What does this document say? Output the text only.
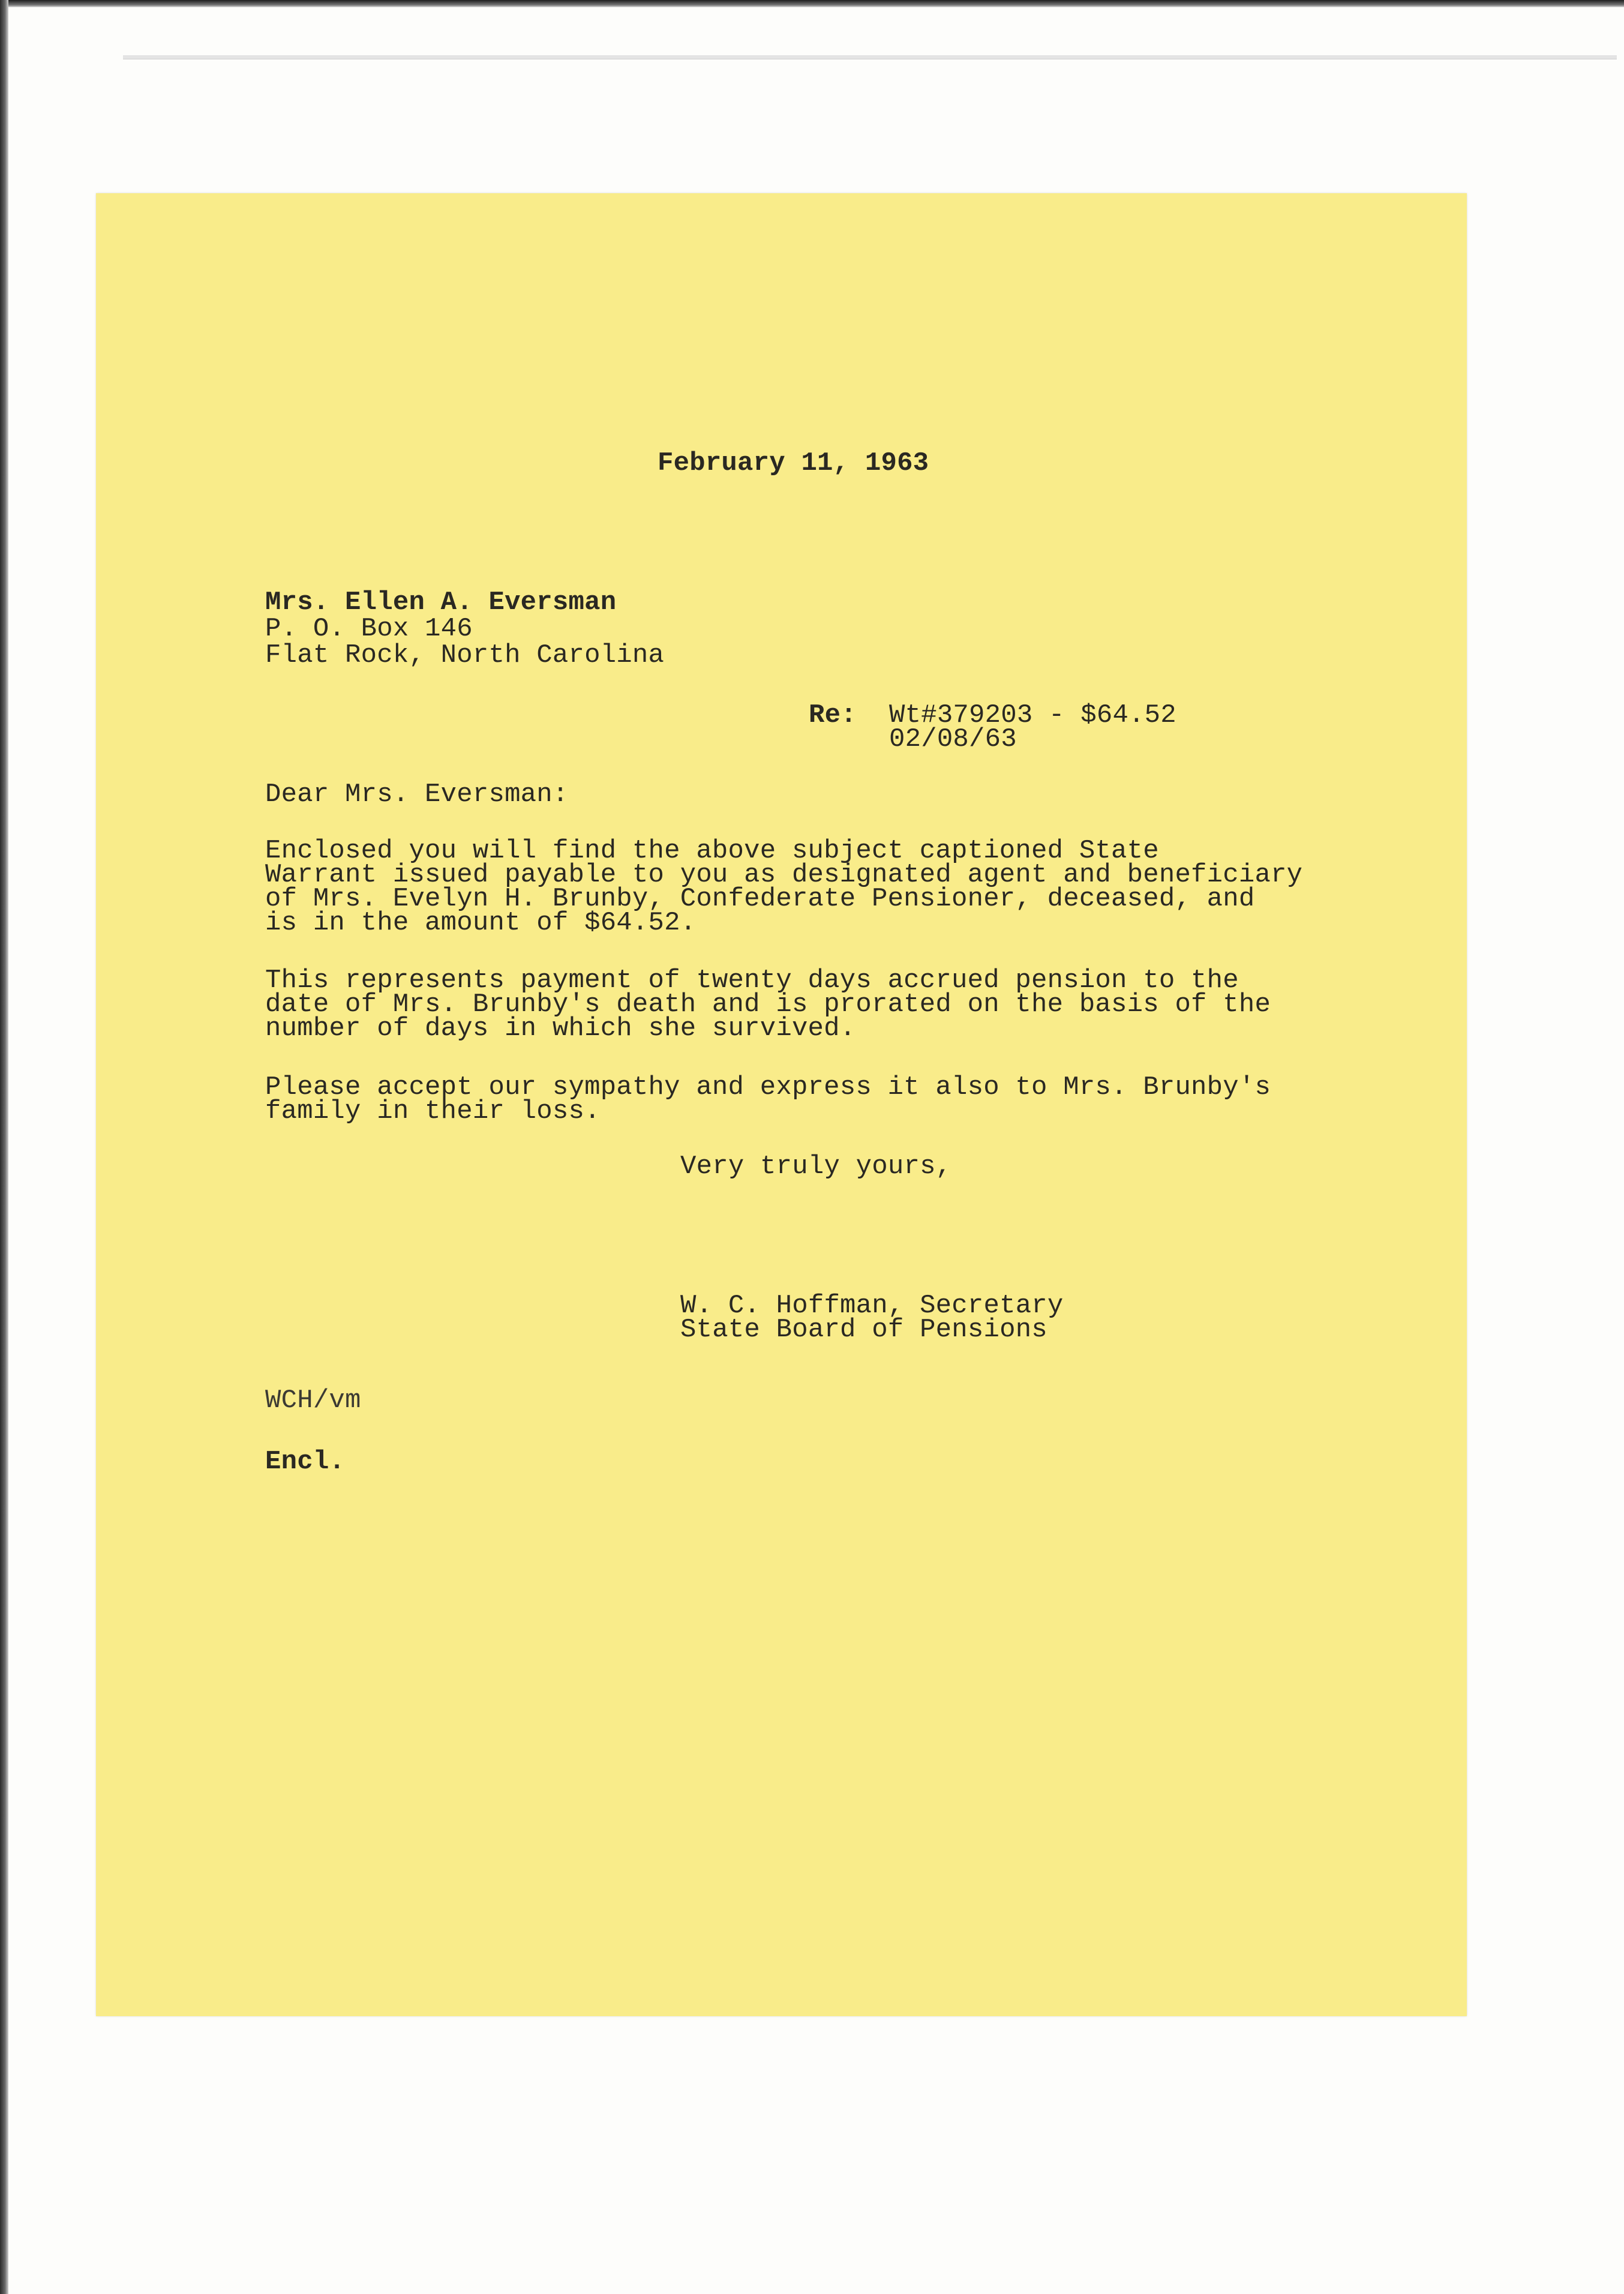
February 11, 1963

Mrs. Ellen A. Eversman

P. O. Box 146

Flat Rock, North Carolina

Re: Wt#379203 - $64.52

02/08/63

Dear Mrs. Eversman:

Enclosed you will find the above subject captioned State

Warrant issued payable to you as designated agent and beneficiary

of Mrs. Evelyn H. Brunby, Confederate Pensioner, deceased, and

is in the amount of $64.52.

This represents payment of twenty days accrued pension to the

date of Mrs. Brunby's death and is prorated on the basis of the

number of days in which she survived.

Please accept our sympathy and express it also to Mrs. Brunby's

family in their loss.

Very truly yours,

W. C. Hoffman, Secretary

State Board of Pensions

WCH/vm

Encl.
